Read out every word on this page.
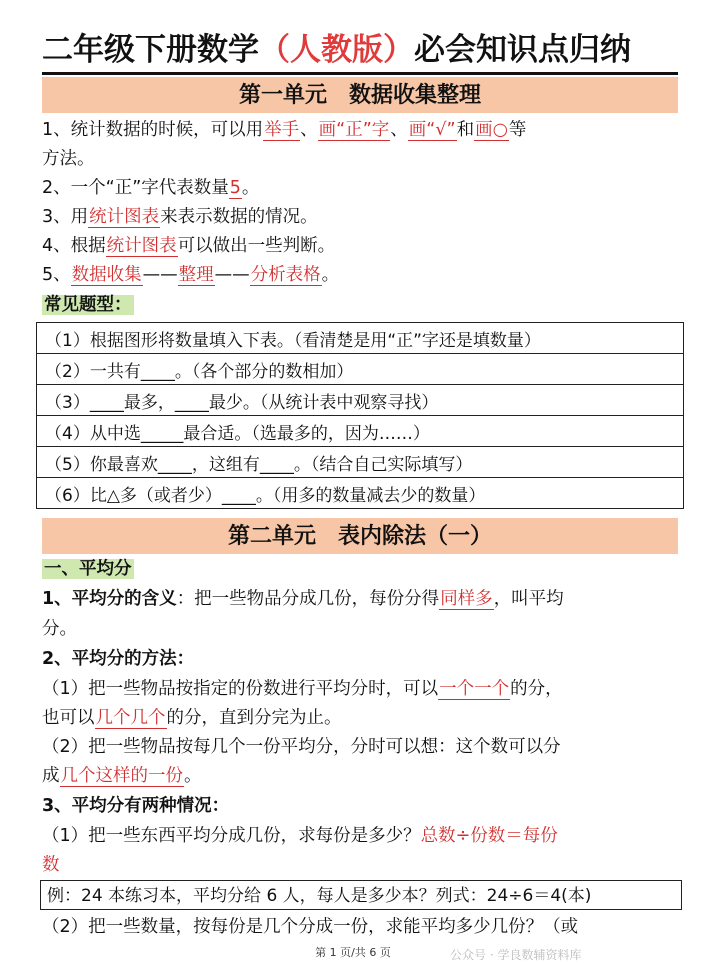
二年级下册数学（人教版）必会知识点归纳
第一单元　数据收集整理
1、统计数据的时候，可以用举手、画“正”字、画“√”和画○等
方法。
2、一个“正”字代表数量5。
3、用统计图表来表示数据的情况。
4、根据统计图表可以做出一些判断。
5、数据收集——整理——分析表格。
常见题型：
（1）根据图形将数量填入下表。（看清楚是用“正”字还是填数量）
（2）一共有____。（各个部分的数相加）
（3）____最多，____最少。（从统计表中观察寻找）
（4）从中选_____最合适。（选最多的，因为……）
（5）你最喜欢____，这组有____。（结合自己实际填写）
（6）比△多（或者少）____。（用多的数量减去少的数量）
第二单元　表内除法（一）
一、平均分
1、平均分的含义：把一些物品分成几份，每份分得同样多，叫平均
分。
2、平均分的方法：
（1）把一些物品按指定的份数进行平均分时，可以一个一个的分，
也可以几个几个的分，直到分完为止。
（2）把一些物品按每几个一份平均分，分时可以想：这个数可以分
成几个这样的一份。
3、平均分有两种情况：
（1）把一些东西平均分成几份，求每份是多少？总数÷份数＝每份
数
例：24 本练习本，平均分给 6 人，每人是多少本？列式：24÷6＝4(本)
（2）把一些数量，按每份是几个分成一份，求能平均多少几份？（或
第 1 页/共 6 页	公众号 · 学良数辅资料库
